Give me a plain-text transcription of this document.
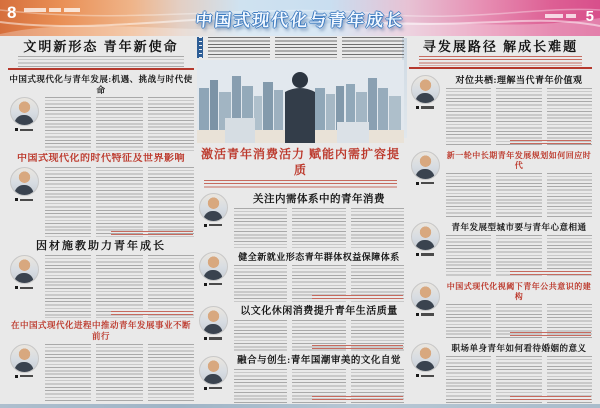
8	中国式现代化与青年成长	5
文明新形态 青年新使命
中国式现代化与青年发展:机遇、挑战与时代使命
中国式现代化的时代特征及世界影响
因材施教助力青年成长
在中国式现代化进程中推动青年发展事业不断前行
激活青年消费活力 赋能内需扩容提质
关注内需体系中的青年消费
健全新就业形态青年群体权益保障体系
以文化休闲消费提升青年生活质量
融合与创生:青年国潮审美的文化自觉
寻发展路径 解成长难题
对位共栖:理解当代青年价值观
新一轮中长期青年发展规划如何回应时代
青年发展型城市要与青年心意相通
中国式现代化视阈下青年公共意识的建构
职场单身青年如何看待婚姻的意义
